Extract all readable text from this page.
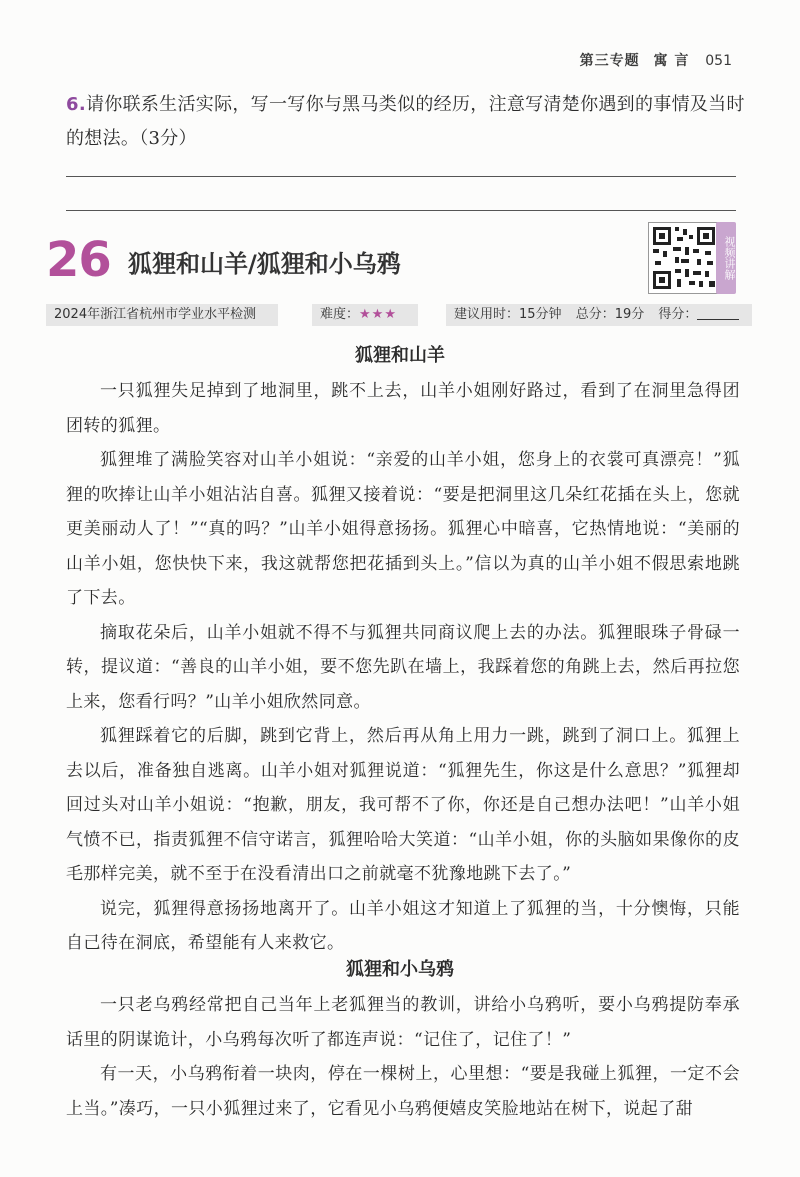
第三专题 寓 言 051
6.请你联系生活实际，写一写你与黑马类似的经历，注意写清楚你遇到的事情及当时的想法。（3分）
26 狐狸和山羊/狐狸和小乌鸦	视频讲解
2024年浙江省杭州市学业水平检测	难度：★★★	建议用时：15分钟 总分：19分 得分：
狐狸和山羊

一只狐狸失足掉到了地洞里，跳不上去，山羊小姐刚好路过，看到了在洞里急得团团转的狐狸。

狐狸堆了满脸笑容对山羊小姐说：“亲爱的山羊小姐，您身上的衣裳可真漂亮！”狐狸的吹捧让山羊小姐沾沾自喜。狐狸又接着说：“要是把洞里这几朵红花插在头上，您就更美丽动人了！”“真的吗？”山羊小姐得意扬扬。狐狸心中暗喜，它热情地说：“美丽的山羊小姐，您快快下来，我这就帮您把花插到头上。”信以为真的山羊小姐不假思索地跳了下去。

摘取花朵后，山羊小姐就不得不与狐狸共同商议爬上去的办法。狐狸眼珠子骨碌一转，提议道：“善良的山羊小姐，要不您先趴在墙上，我踩着您的角跳上去，然后再拉您上来，您看行吗？”山羊小姐欣然同意。

狐狸踩着它的后脚，跳到它背上，然后再从角上用力一跳，跳到了洞口上。狐狸上去以后，准备独自逃离。山羊小姐对狐狸说道：“狐狸先生，你这是什么意思？”狐狸却回过头对山羊小姐说：“抱歉，朋友，我可帮不了你，你还是自己想办法吧！”山羊小姐气愤不已，指责狐狸不信守诺言，狐狸哈哈大笑道：“山羊小姐，你的头脑如果像你的皮毛那样完美，就不至于在没看清出口之前就毫不犹豫地跳下去了。”

说完，狐狸得意扬扬地离开了。山羊小姐这才知道上了狐狸的当，十分懊悔，只能自己待在洞底，希望能有人来救它。

狐狸和小乌鸦

一只老乌鸦经常把自己当年上老狐狸当的教训，讲给小乌鸦听，要小乌鸦提防奉承话里的阴谋诡计，小乌鸦每次听了都连声说：“记住了，记住了！”

有一天，小乌鸦衔着一块肉，停在一棵树上，心里想：“要是我碰上狐狸，一定不会上当。”凑巧，一只小狐狸过来了，它看见小乌鸦便嬉皮笑脸地站在树下，说起了甜
